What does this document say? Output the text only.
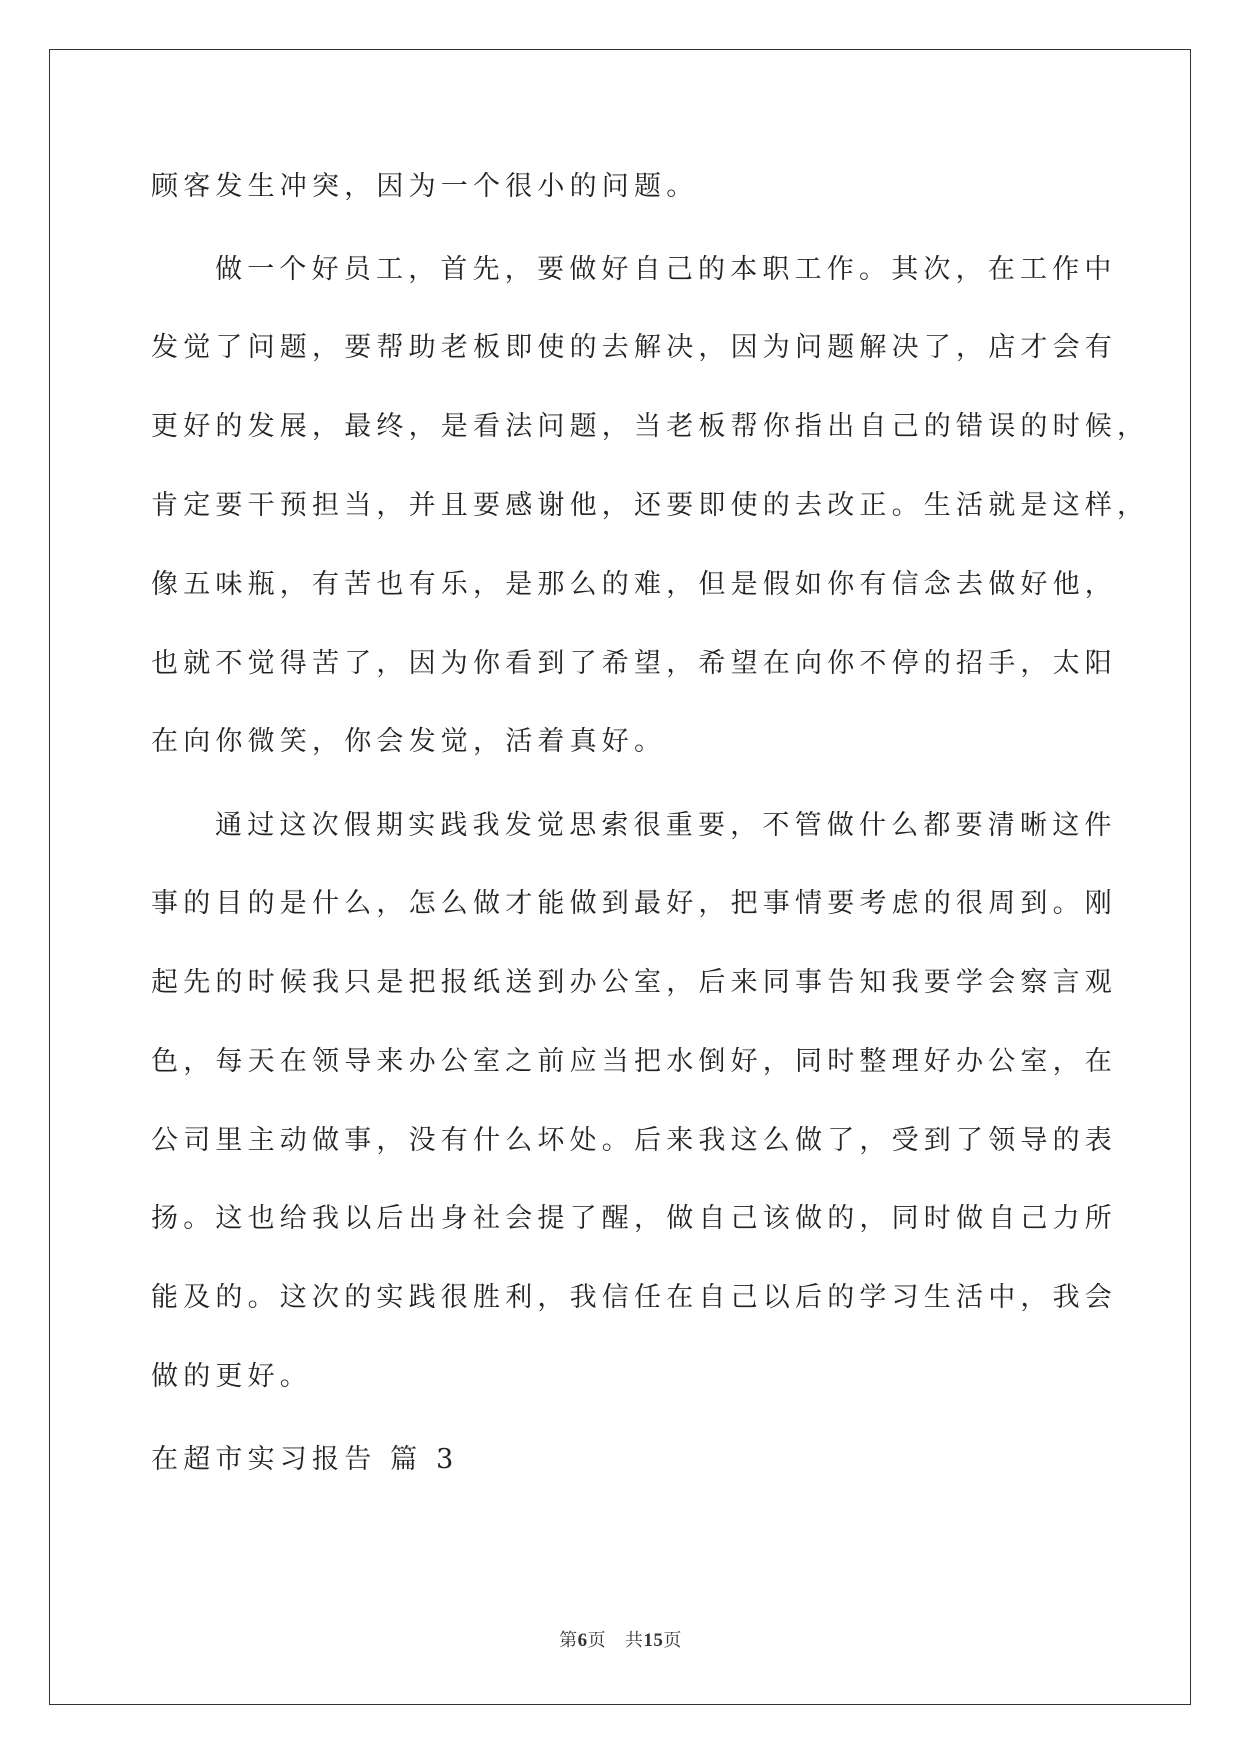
顾客发生冲突，因为一个很小的问题。
做一个好员工，首先，要做好自己的本职工作。其次，在工作中
发觉了问题，要帮助老板即使的去解决，因为问题解决了，店才会有
更好的发展，最终，是看法问题，当老板帮你指出自己的错误的时候，
肯定要干预担当，并且要感谢他，还要即使的去改正。生活就是这样，
像五味瓶，有苦也有乐，是那么的难，但是假如你有信念去做好他，
也就不觉得苦了，因为你看到了希望，希望在向你不停的招手，太阳
在向你微笑，你会发觉，活着真好。
通过这次假期实践我发觉思索很重要，不管做什么都要清晰这件
事的目的是什么，怎么做才能做到最好，把事情要考虑的很周到。刚
起先的时候我只是把报纸送到办公室，后来同事告知我要学会察言观
色，每天在领导来办公室之前应当把水倒好，同时整理好办公室，在
公司里主动做事，没有什么坏处。后来我这么做了，受到了领导的表
扬。这也给我以后出身社会提了醒，做自己该做的，同时做自己力所
能及的。这次的实践很胜利，我信任在自己以后的学习生活中，我会
做的更好。
在超市实习报告 篇 3
第6页 共15页
